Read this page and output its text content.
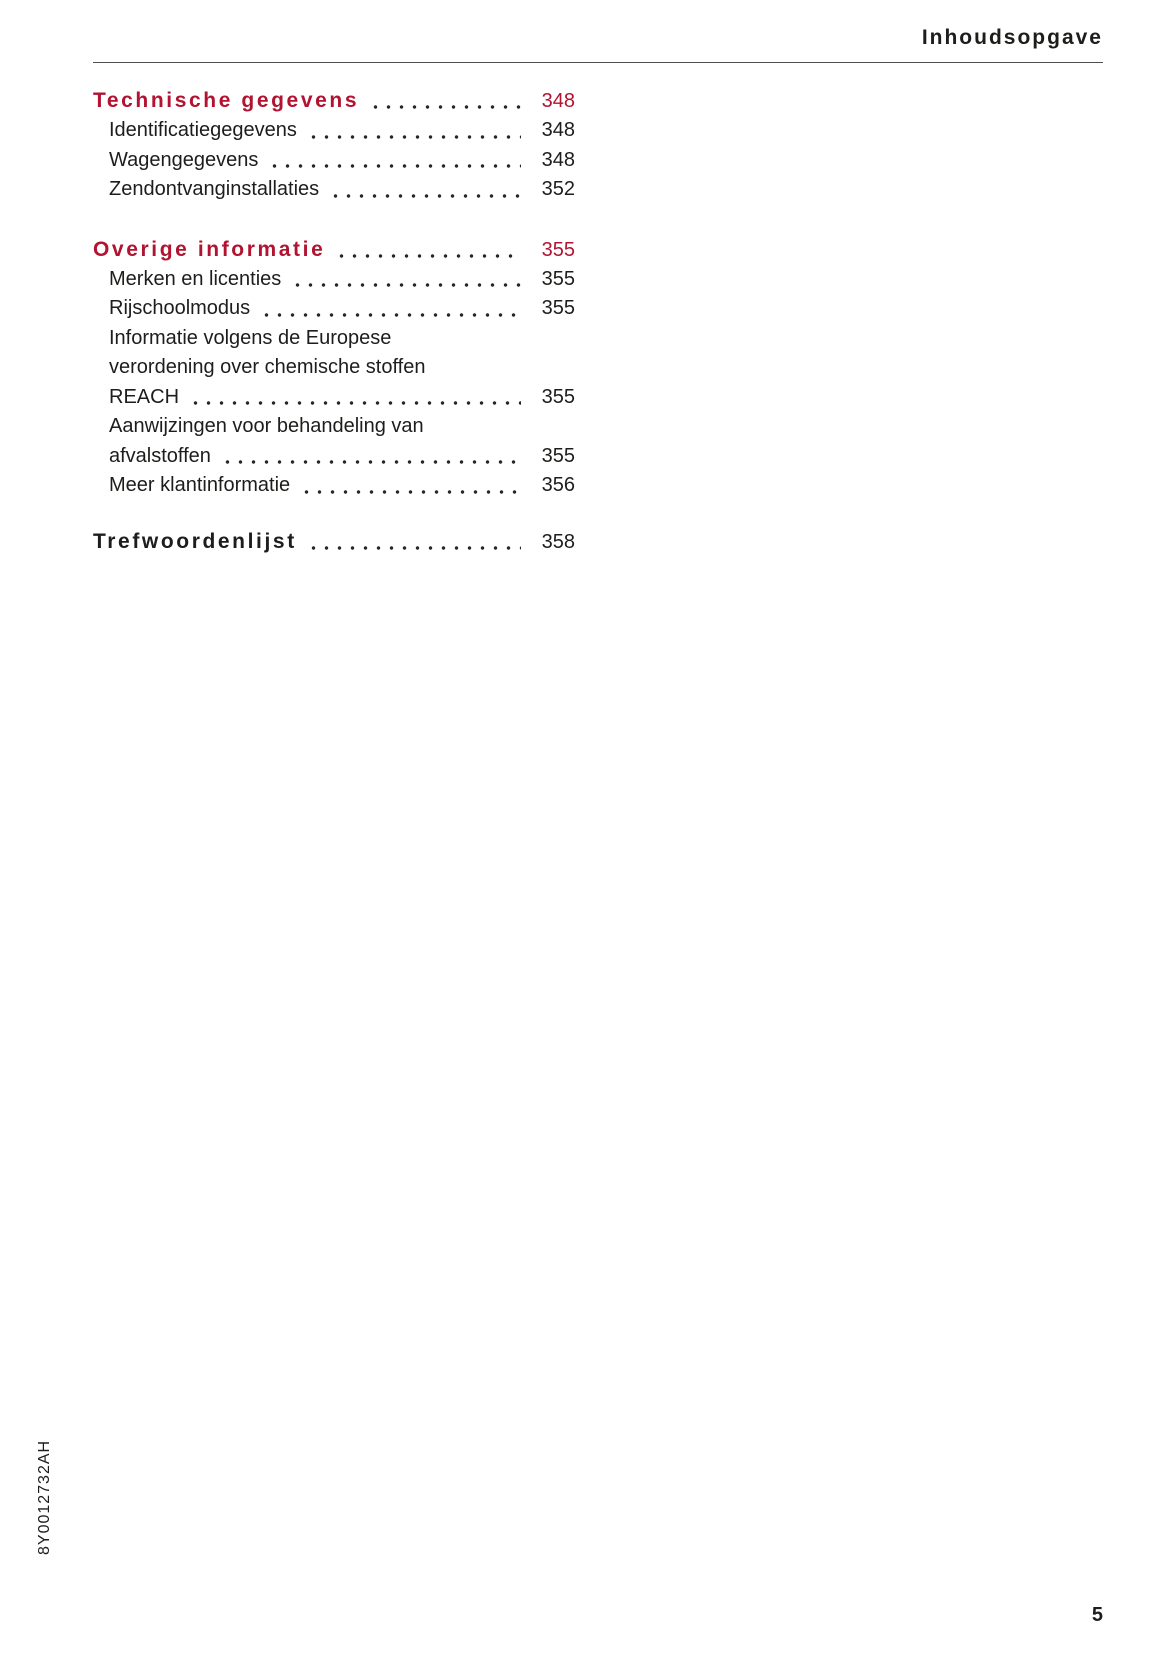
Inhoudsopgave
Technische gegevens	348
Identificatiegegevens	348
Wagengegevens	348
Zendontvanginstallaties	352
Overige informatie	355
Merken en licenties	355
Rijschoolmodus	355
Informatie volgens de Europese
verordening over chemische stoffen
REACH	355
Aanwijzingen voor behandeling van
afvalstoffen	355
Meer klantinformatie	356
Trefwoordenlijst	358
8Y0012732AH
5
